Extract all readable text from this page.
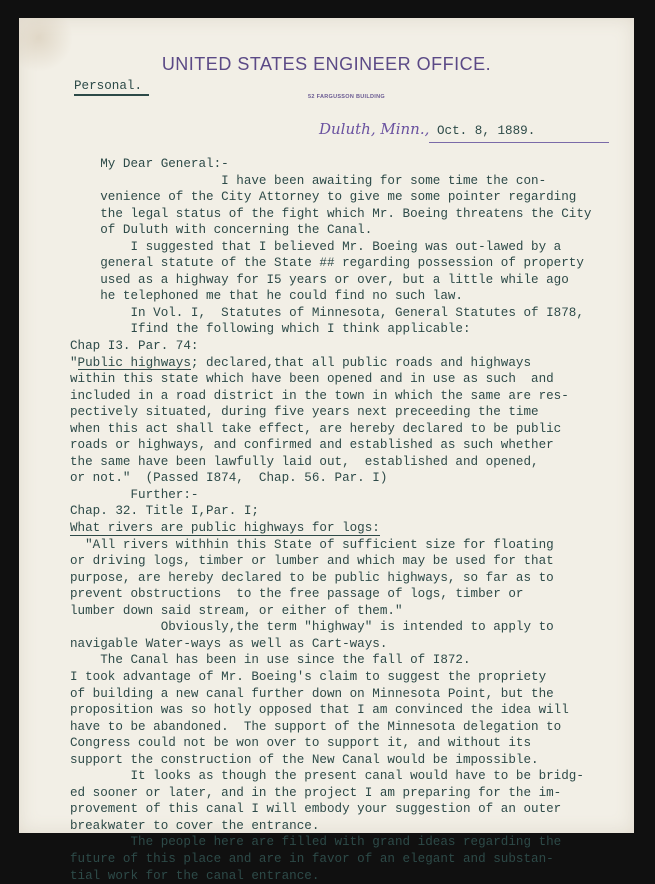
UNITED STATES ENGINEER OFFICE.
52 FARGUSSON BUILDING
Personal.
Duluth, Minn., Oct. 8, 1889.
My Dear General:-
I have been awaiting for some time the con-
venience of the City Attorney to give me some pointer regarding
the legal status of the fight which Mr. Boeing threatens the City
of Duluth with concerning the Canal.
I suggested that I believed Mr. Boeing was out-lawed by a
general statute of the State ## regarding possession of property
used as a highway for I5 years or over, but a little while ago
he telephoned me that he could find no such law.
In Vol. I,  Statutes of Minnesota, General Statutes of I878,
Ifind the following which I think applicable:
Chap I3. Par. 74:
"Public highways; declared,that all public roads and highways
within this state which have been opened and in use as such  and
included in a road district in the town in which the same are res-
pectively situated, during five years next preceeding the time
when this act shall take effect, are hereby declared to be public
roads or highways, and confirmed and established as such whether
the same have been lawfully laid out,  established and opened,
or not."  (Passed I874,  Chap. 56. Par. I)
Further:-
Chap. 32. Title I,Par. I;
What rivers are public highways for logs:
"All rivers withhin this State of sufficient size for floating
or driving logs, timber or lumber and which may be used for that
purpose, are hereby declared to be public highways, so far as to
prevent obstructions  to the free passage of logs, timber or
lumber down said stream, or either of them."
Obviously,the term "highway" is intended to apply to
navigable Water-ways as well as Cart-ways.
The Canal has been in use since the fall of I872.
I took advantage of Mr. Boeing's claim to suggest the propriety
of building a new canal further down on Minnesota Point, but the
proposition was so hotly opposed that I am convinced the idea will
have to be abandoned.  The support of the Minnesota delegation to
Congress could not be won over to support it, and without its
support the construction of the New Canal would be impossible.
It looks as though the present canal would have to be bridg-
ed sooner or later, and in the project I am preparing for the im-
provement of this canal I will embody your suggestion of an outer
breakwater to cover the entrance.
The people here are filled with grand ideas regarding the
future of this place and are in favor of an elegant and substan-
tial work for the canal entrance.
